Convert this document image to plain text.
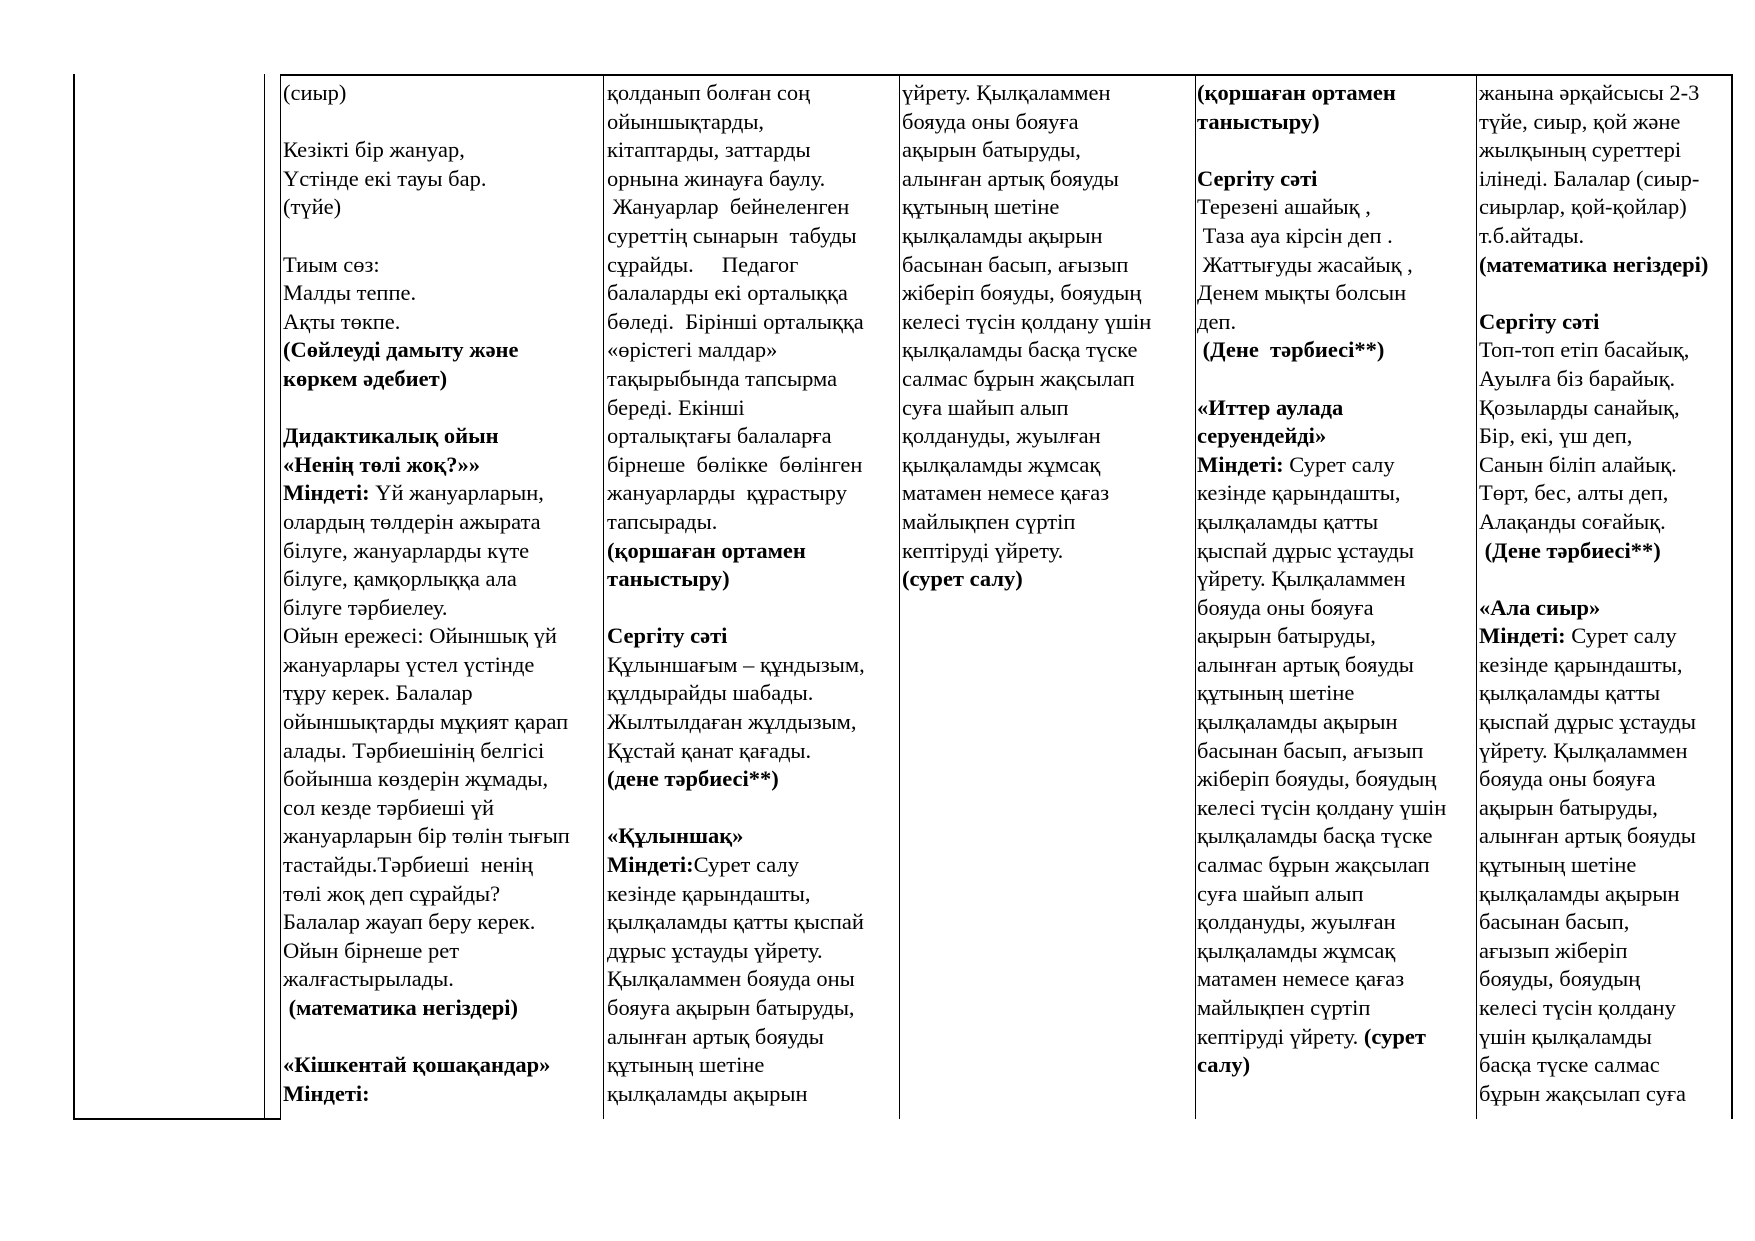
(сиыр)

Кезікті бір жануар,
Үстінде екі тауы бар.
(түйе)

Тиым сөз:
Малды теппе.
Ақты төкпе.
(Сөйлеуді дамыту және
көркем әдебиет)

Дидактикалық ойын
«Ненің төлі жоқ?»»
Міндеті: Үй жануарларын,
олардың төлдерін ажырата
білуге, жануарларды күте
білуге, қамқорлыққа ала
білуге тәрбиелеу.
Ойын ережесі: Ойыншық үй
жануарлары үстел үстінде
тұру керек. Балалар
ойыншықтарды мұқият қарап
алады. Тәрбиешінің белгісі
бойынша көздерін жұмады,
сол кезде тәрбиеші үй
жануарларын бір төлін тығып
тастайды.Тәрбиеші  ненің
төлі жоқ деп сұрайды?
Балалар жауап беру керек.
Ойын бірнеше рет
жалғастырылады.
(математика негіздері)

«Кішкентай қошақандар»
Міндеті:
қолданып болған соң
ойыншықтарды,
кітаптарды, заттарды
орнына жинауға баулу.
Жануарлар  бейнеленген
суреттің сынарын  табуды
сұрайды.     Педагог
балаларды екі орталыққа
бөледі.  Бірінші орталыққа
«өрістегі малдар»
тақырыбында тапсырма
береді. Екінші
орталықтағы балаларға
бірнеше  бөлікке  бөлінген
жануарларды  құрастыру
тапсырады.
(қоршаған ортамен
таныстыру)

Сергіту сәті
Құлыншағым – құндызым,
құлдырайды шабады.
Жылтылдаған жұлдызым,
Құстай қанат қағады.
(дене тәрбиесі**)

«Құлыншақ»
Міндеті:Сурет салу
кезінде қарындашты,
қылқаламды қатты қыспай
дұрыс ұстауды үйрету.
Қылқаламмен бояуда оны
бояуға ақырын батыруды,
алынған артық бояуды
құтының шетіне
қылқаламды ақырын
үйрету. Қылқаламмен
бояуда оны бояуға
ақырын батыруды,
алынған артық бояуды
құтының шетіне
қылқаламды ақырын
басынан басып, ағызып
жіберіп бояуды, бояудың
келесі түсін қолдану үшін
қылқаламды басқа түске
салмас бұрын жақсылап
суға шайып алып
қолдануды, жуылған
қылқаламды жұмсақ
матамен немесе қағаз
майлықпен сүртіп
кептіруді үйрету.
(сурет салу)
(қоршаған ортамен
таныстыру)

Сергіту сәті
Терезені ашайық ,
Таза ауа кірсін деп .
Жаттығуды жасайық ,
Денем мықты болсын
деп.
(Дене  тәрбиесі**)

«Иттер аулада
серуендейді»
Міндеті: Сурет салу
кезінде қарындашты,
қылқаламды қатты
қыспай дұрыс ұстауды
үйрету. Қылқаламмен
бояуда оны бояуға
ақырын батыруды,
алынған артық бояуды
құтының шетіне
қылқаламды ақырын
басынан басып, ағызып
жіберіп бояуды, бояудың
келесі түсін қолдану үшін
қылқаламды басқа түске
салмас бұрын жақсылап
суға шайып алып
қолдануды, жуылған
қылқаламды жұмсақ
матамен немесе қағаз
майлықпен сүртіп
кептіруді үйрету. (сурет
салу)
жанына әрқайсысы 2-3
түйе, сиыр, қой және
жылқының суреттері
ілінеді. Балалар (сиыр-
сиырлар, қой-қойлар)
т.б.айтады.
(математика негіздері)

Сергіту сәті
Топ-топ етіп басайық,
Ауылға біз барайық.
Қозыларды санайық,
Бір, екі, үш деп,
Санын біліп алайық.
Төрт, бес, алты деп,
Алақанды соғайық.
(Дене тәрбиесі**)

«Ала сиыр»
Міндеті: Сурет салу
кезінде қарындашты,
қылқаламды қатты
қыспай дұрыс ұстауды
үйрету. Қылқаламмен
бояуда оны бояуға
ақырын батыруды,
алынған артық бояуды
құтының шетіне
қылқаламды ақырын
басынан басып,
ағызып жіберіп
бояуды, бояудың
келесі түсін қолдану
үшін қылқаламды
басқа түске салмас
бұрын жақсылап суға
